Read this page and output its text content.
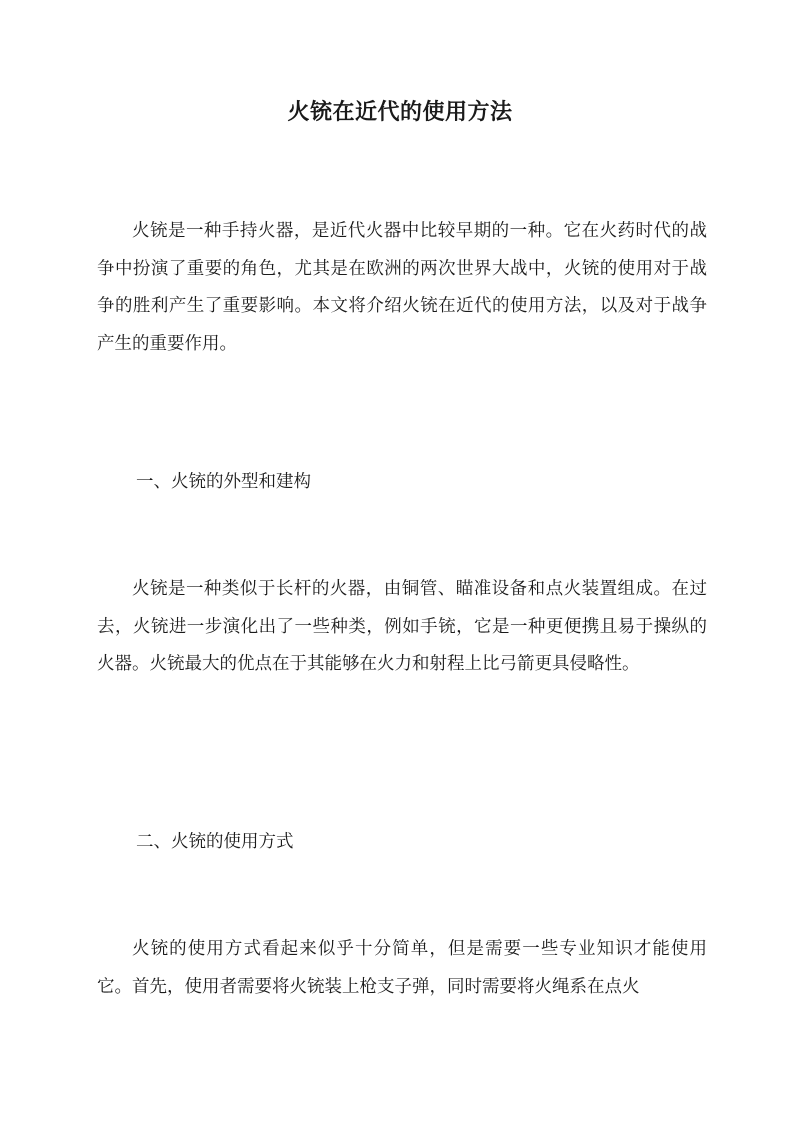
火铳在近代的使用方法

火铳是一种手持火器，是近代火器中比较早期的一种。它在火药时代的战争中扮演了重要的角色，尤其是在欧洲的两次世界大战中，火铳的使用对于战争的胜利产生了重要影响。本文将介绍火铳在近代的使用方法，以及对于战争产生的重要作用。

一、火铳的外型和建构

火铳是一种类似于长杆的火器，由铜管、瞄准设备和点火装置组成。在过去，火铳进一步演化出了一些种类，例如手铳，它是一种更便携且易于操纵的火器。火铳最大的优点在于其能够在火力和射程上比弓箭更具侵略性。

二、火铳的使用方式

火铳的使用方式看起来似乎十分简单，但是需要一些专业知识才能使用它。首先，使用者需要将火铳装上枪支子弹，同时需要将火绳系在点火
